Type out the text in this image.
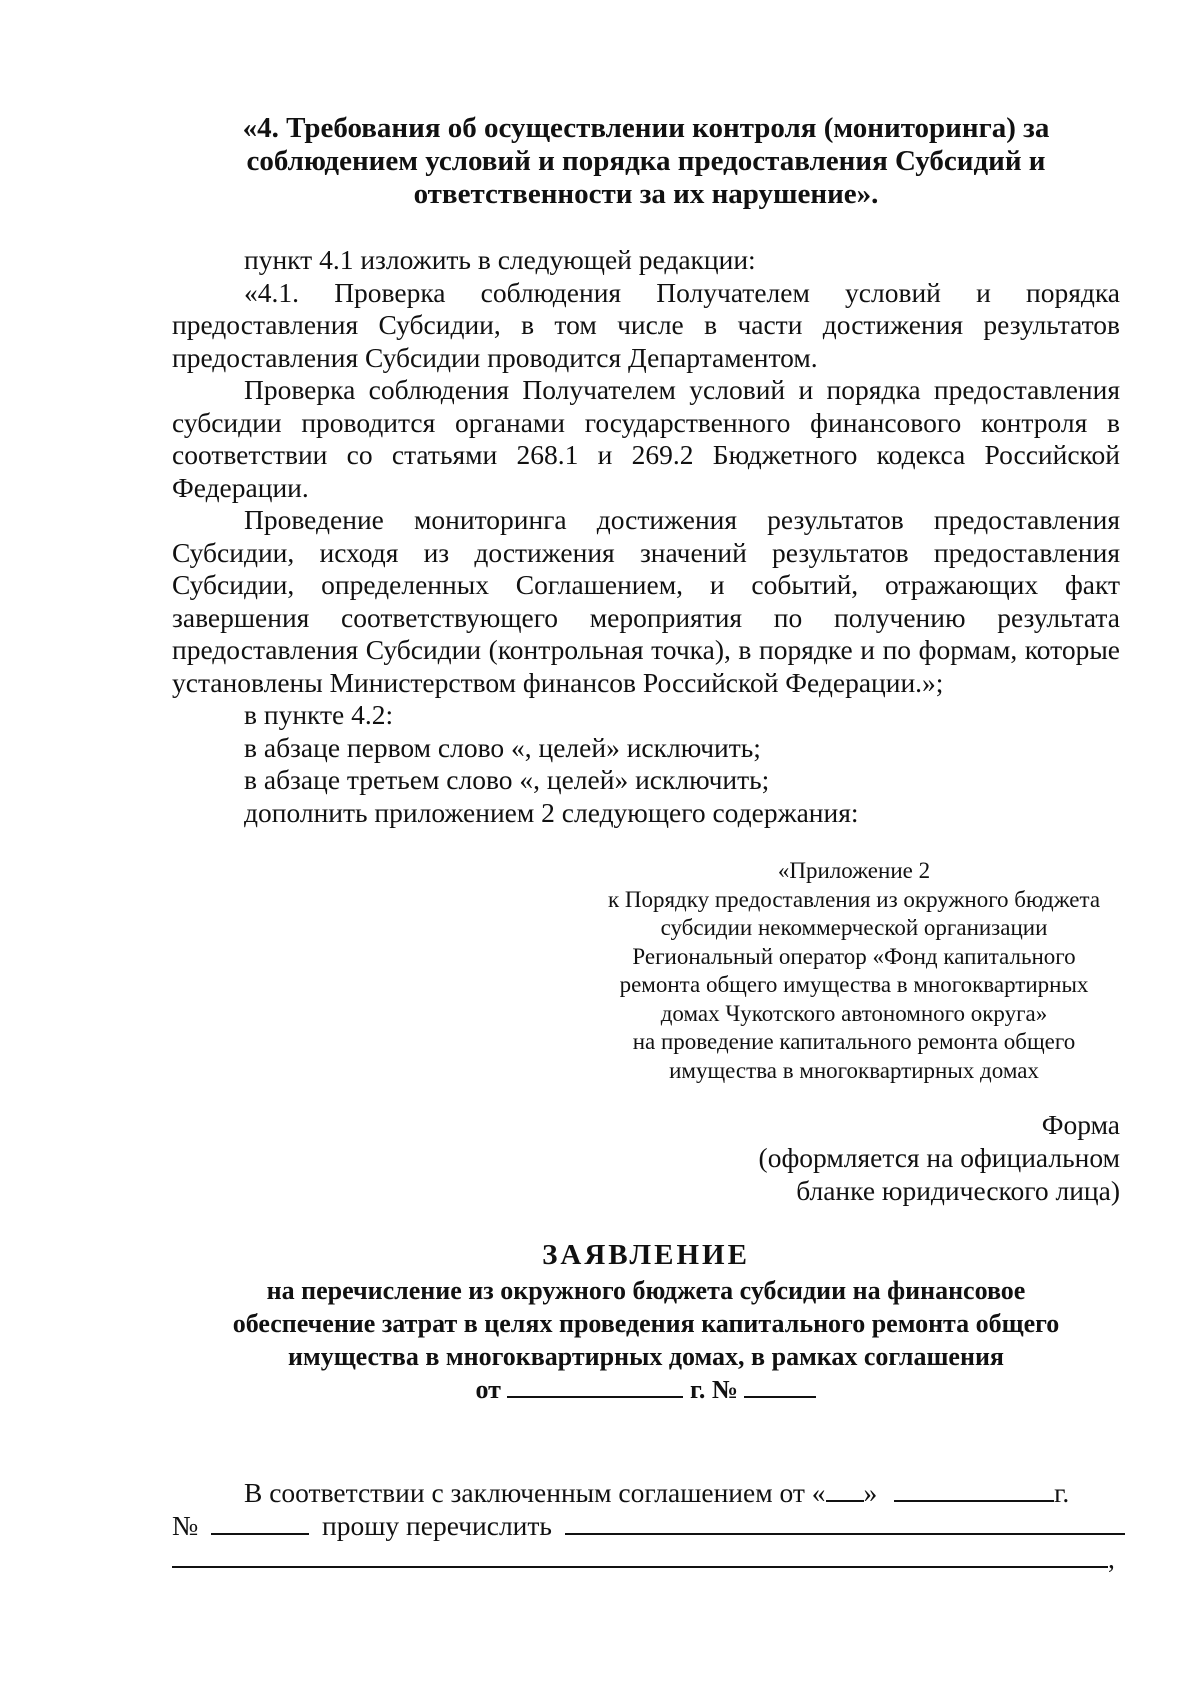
«4. Требования об осуществлении контроля (мониторинга) за
соблюдением условий и порядка предоставления Субсидий и
ответственности за их нарушение».

пункт 4.1 изложить в следующей редакции:

«4.1. Проверка соблюдения Получателем условий и порядка предоставления Субсидии, в том числе в части достижения результатов предоставления Субсидии проводится Департаментом.

Проверка соблюдения Получателем условий и порядка предоставления субсидии проводится органами государственного финансового контроля в соответствии со статьями 268.1 и 269.2 Бюджетного кодекса Российской Федерации.

Проведение мониторинга достижения результатов предоставления Субсидии, исходя из достижения значений результатов предоставления Субсидии, определенных Соглашением, и событий, отражающих факт завершения соответствующего мероприятия по получению результата предоставления Субсидии (контрольная точка), в порядке и по формам, которые установлены Министерством финансов Российской Федерации.»;

в пункте 4.2:

в абзаце первом слово «, целей» исключить;

в абзаце третьем слово «, целей» исключить;

дополнить приложением 2 следующего содержания:

«Приложение 2
к Порядку предоставления из окружного бюджета
субсидии некоммерческой организации
Региональный оператор «Фонд капитального
ремонта общего имущества в многоквартирных
домах Чукотского автономного округа»
на проведение капитального ремонта общего
имущества в многоквартирных домах
Форма
(оформляется на официальном
бланке юридического лица)
ЗАЯВЛЕНИЕ
на перечисление из окружного бюджета субсидии на финансовое
обеспечение затрат в целях проведения капитального ремонта общего
имущества в многоквартирных домах, в рамках соглашения
от	г. №
В соответствии с заключенным соглашением от « »	г.
№	прошу перечислить
,
